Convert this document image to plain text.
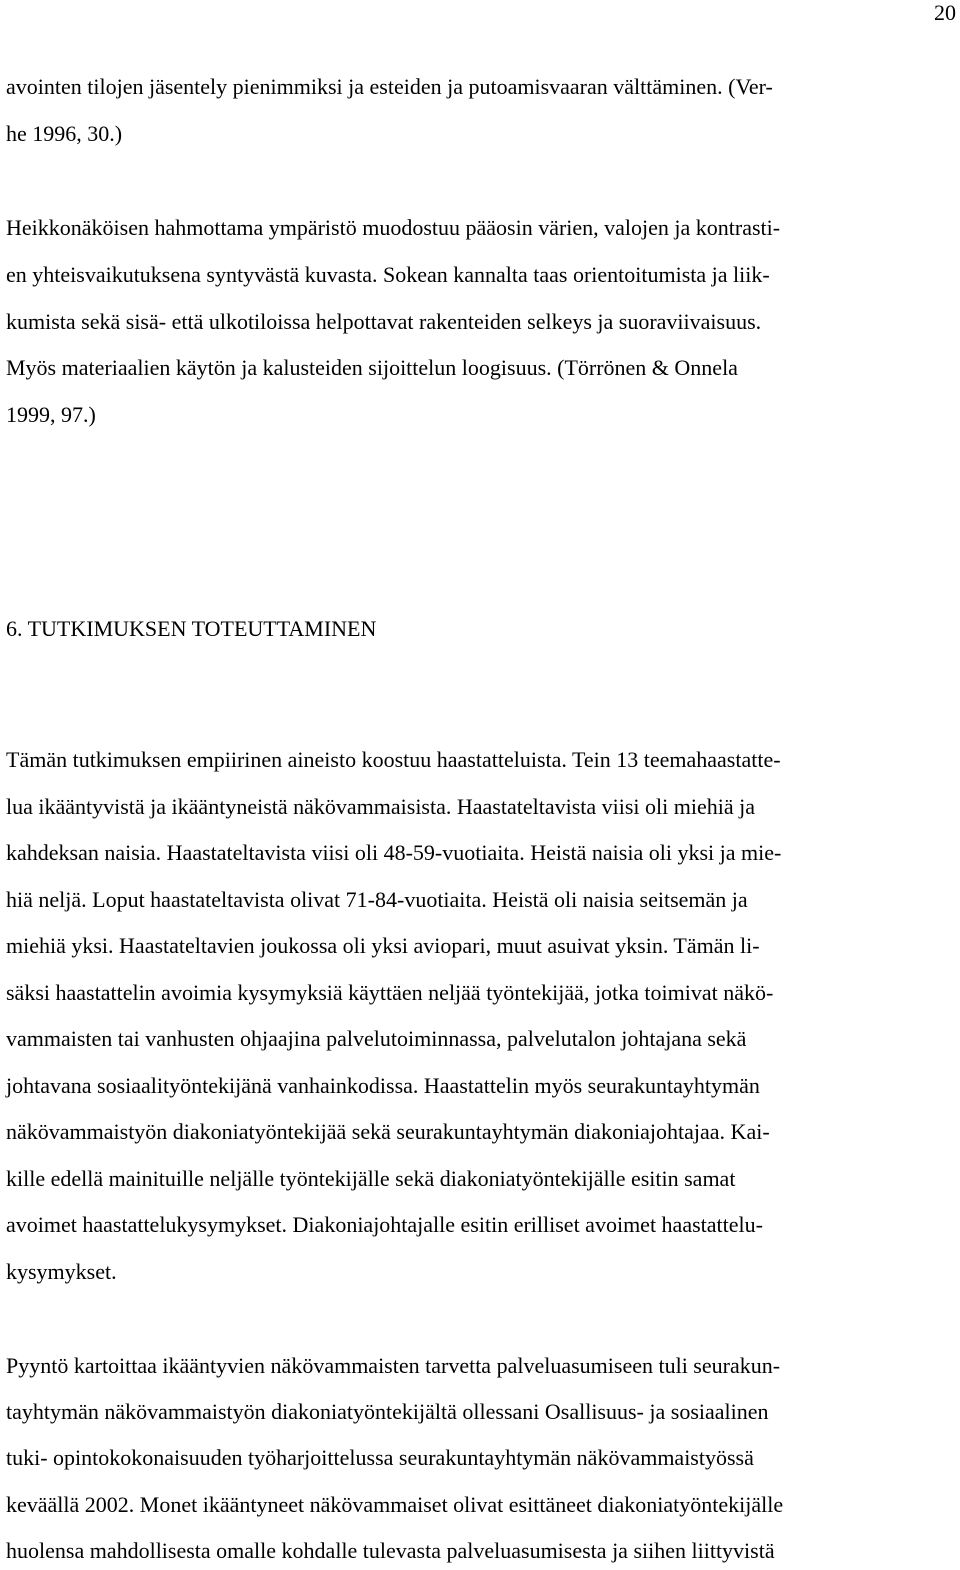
20
avointen tilojen jäsentely pienimmiksi ja esteiden ja putoamisvaaran välttäminen. (Ver-
he 1996, 30.)
Heikkonäköisen hahmottama ympäristö muodostuu pääosin värien, valojen ja kontrasti-
en yhteisvaikutuksena syntyvästä kuvasta. Sokean kannalta taas orientoitumista ja liik-
kumista sekä sisä- että ulkotiloissa helpottavat rakenteiden selkeys ja suoraviivaisuus.
Myös materiaalien käytön ja kalusteiden sijoittelun loogisuus. (Törrönen & Onnela
1999, 97.)
6. TUTKIMUKSEN TOTEUTTAMINEN
Tämän tutkimuksen empiirinen aineisto koostuu haastatteluista. Tein 13 teemahaastatte-
lua ikääntyvistä ja ikääntyneistä näkövammaisista. Haastateltavista viisi oli miehiä ja
kahdeksan naisia. Haastateltavista viisi oli 48-59-vuotiaita. Heistä naisia oli yksi ja mie-
hiä neljä. Loput haastateltavista olivat 71-84-vuotiaita. Heistä oli naisia seitsemän ja
miehiä yksi. Haastateltavien joukossa oli yksi aviopari, muut asuivat yksin. Tämän li-
säksi haastattelin avoimia kysymyksiä käyttäen neljää työntekijää, jotka toimivat näkö-
vammaisten tai vanhusten ohjaajina palvelutoiminnassa, palvelutalon johtajana sekä
johtavana sosiaalityöntekijänä vanhainkodissa. Haastattelin myös seurakuntayhtymän
näkövammaistyön diakoniatyöntekijää sekä seurakuntayhtymän diakoniajohtajaa. Kai-
kille edellä mainituille neljälle työntekijälle sekä diakoniatyöntekijälle esitin samat
avoimet haastattelukysymykset. Diakoniajohtajalle esitin erilliset avoimet haastattelu-
kysymykset.
Pyyntö kartoittaa ikääntyvien näkövammaisten tarvetta palveluasumiseen tuli seurakun-
tayhtymän näkövammaistyön diakoniatyöntekijältä ollessani Osallisuus- ja sosiaalinen
tuki- opintokokonaisuuden työharjoittelussa seurakuntayhtymän näkövammaistyössä
keväällä 2002. Monet ikääntyneet näkövammaiset olivat esittäneet diakoniatyöntekijälle
huolensa mahdollisesta omalle kohdalle tulevasta palveluasumisesta ja siihen liittyvistä
